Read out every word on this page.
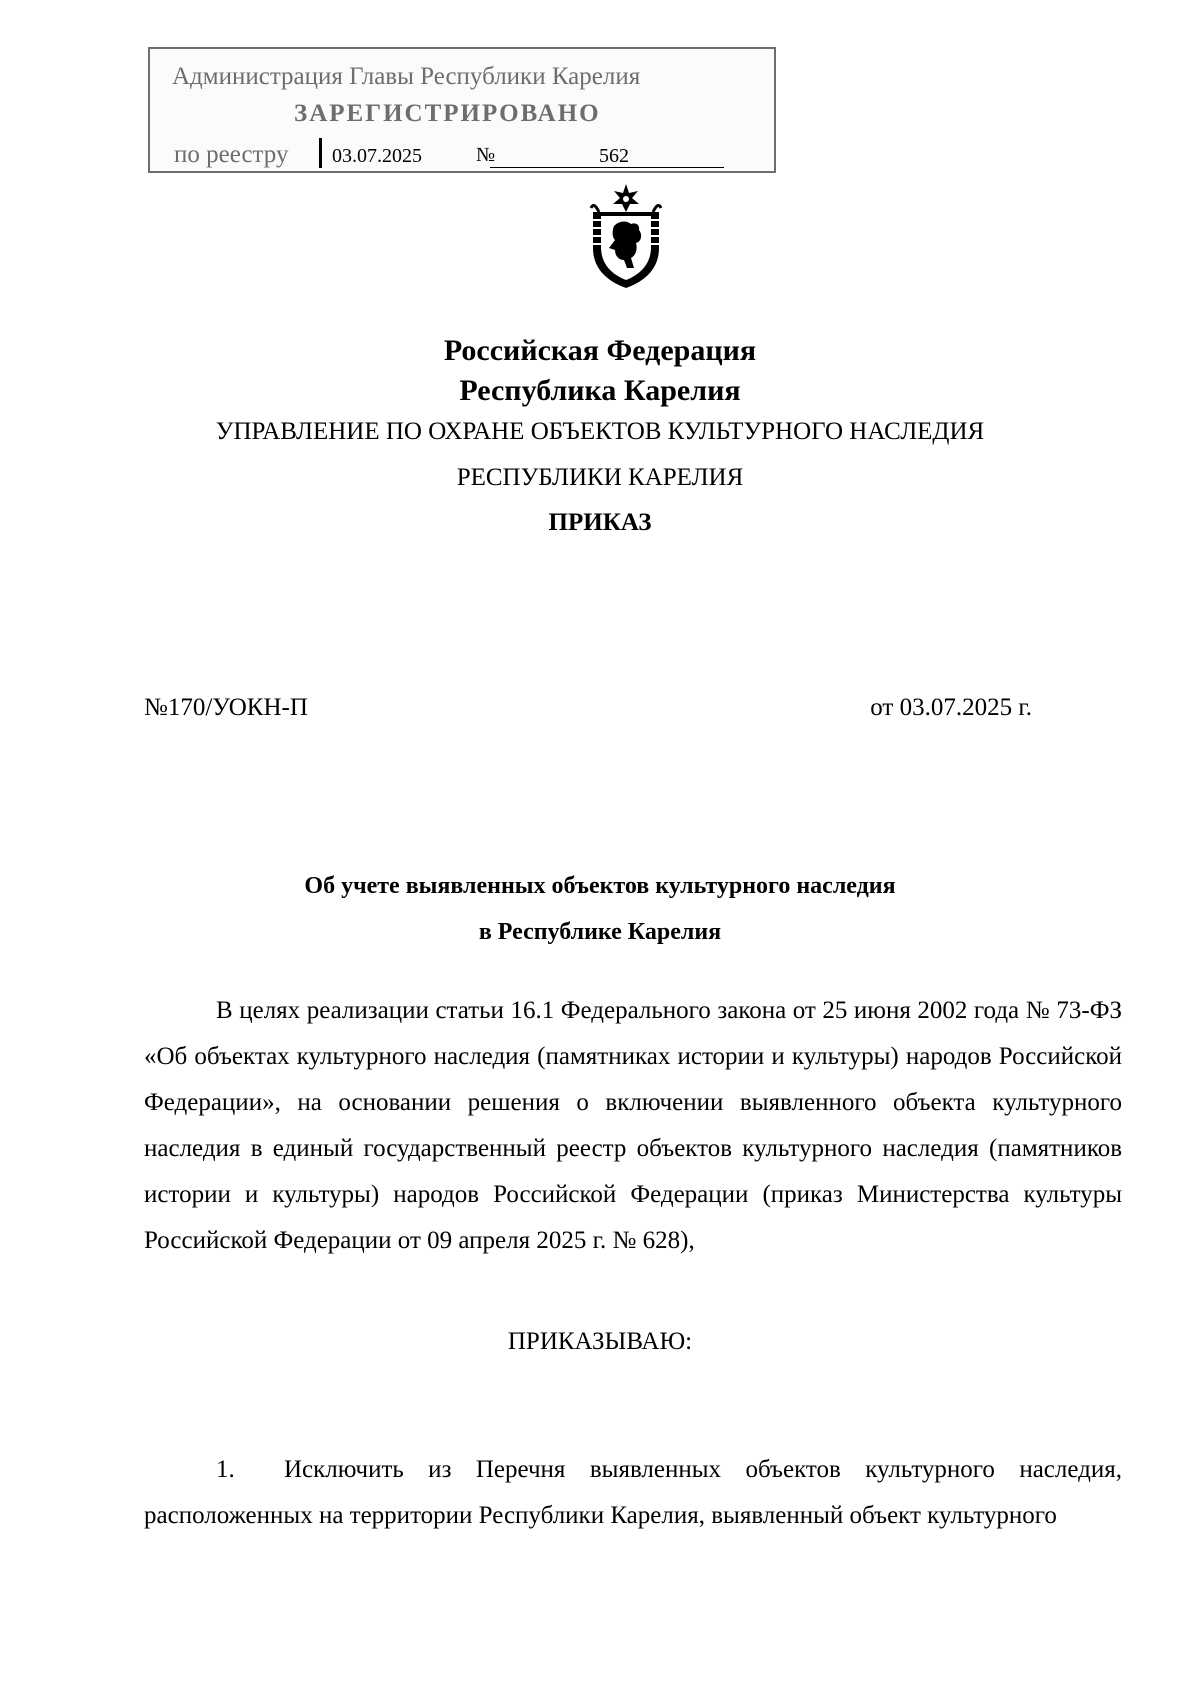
Администрация Главы Республики Карелия
ЗАРЕГИСТРИРОВАНО
по реестру 03.07.2025	№	562
Российская Федерация
Республика Карелия
УПРАВЛЕНИЕ ПО ОХРАНЕ ОБЪЕКТОВ КУЛЬТУРНОГО НАСЛЕДИЯ
РЕСПУБЛИКИ КАРЕЛИЯ
ПРИКАЗ
№170/УОКН-П	от 03.07.2025 г.
Об учете выявленных объектов культурного наследия
в Республике Карелия

В целях реализации статьи 16.1 Федерального закона от 25 июня 2002 года № 73-ФЗ «Об объектах культурного наследия (памятниках истории и культуры) народов Российской Федерации», на основании решения о включении выявленного объекта культурного наследия в единый государственный реестр объектов культурного наследия (памятников истории и культуры) народов Российской Федерации (приказ Министерства культуры Российской Федерации от 09 апреля 2025 г. № 628),

ПРИКАЗЫВАЮ:

1. Исключить из Перечня выявленных объектов культурного наследия, расположенных на территории Республики Карелия, выявленный объект культурного
